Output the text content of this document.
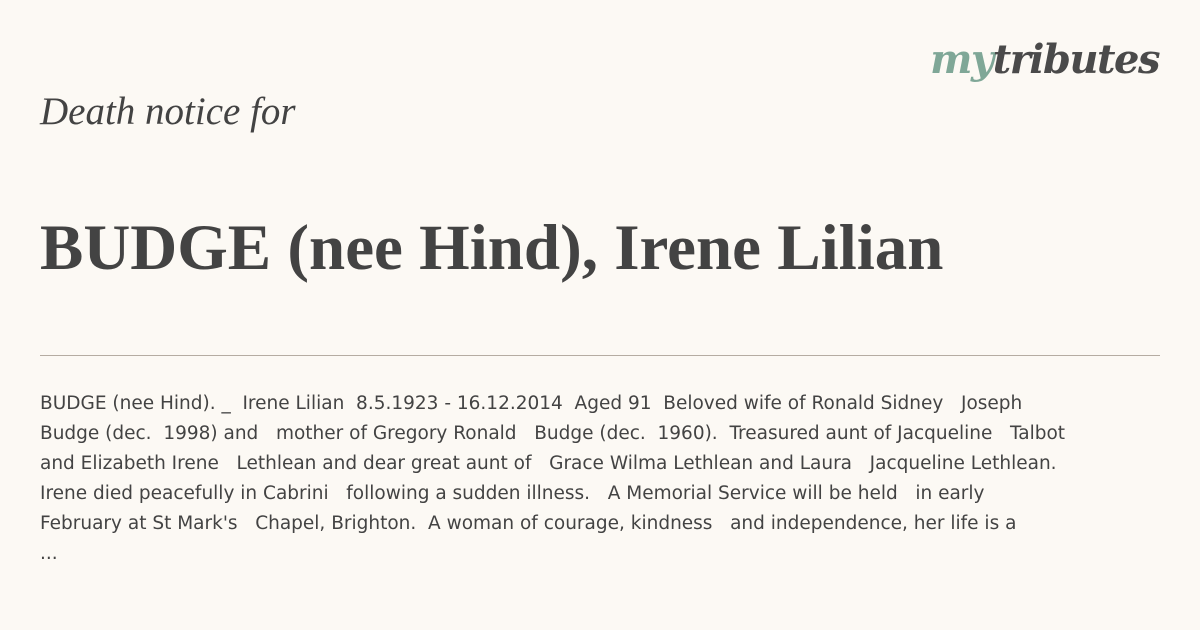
mytributes
Death notice for
BUDGE (nee Hind), Irene Lilian
BUDGE (nee Hind). _  Irene Lilian  8.5.1923 - 16.12.2014  Aged 91  Beloved wife of Ronald Sidney   Joseph
Budge (dec.  1998) and   mother of Gregory Ronald   Budge (dec.  1960).  Treasured aunt of Jacqueline   Talbot
and Elizabeth Irene   Lethlean and dear great aunt of   Grace Wilma Lethlean and Laura   Jacqueline Lethlean.
Irene died peacefully in Cabrini   following a sudden illness.   A Memorial Service will be held   in early
February at St Mark's   Chapel, Brighton.  A woman of courage, kindness   and independence, her life is a
...
